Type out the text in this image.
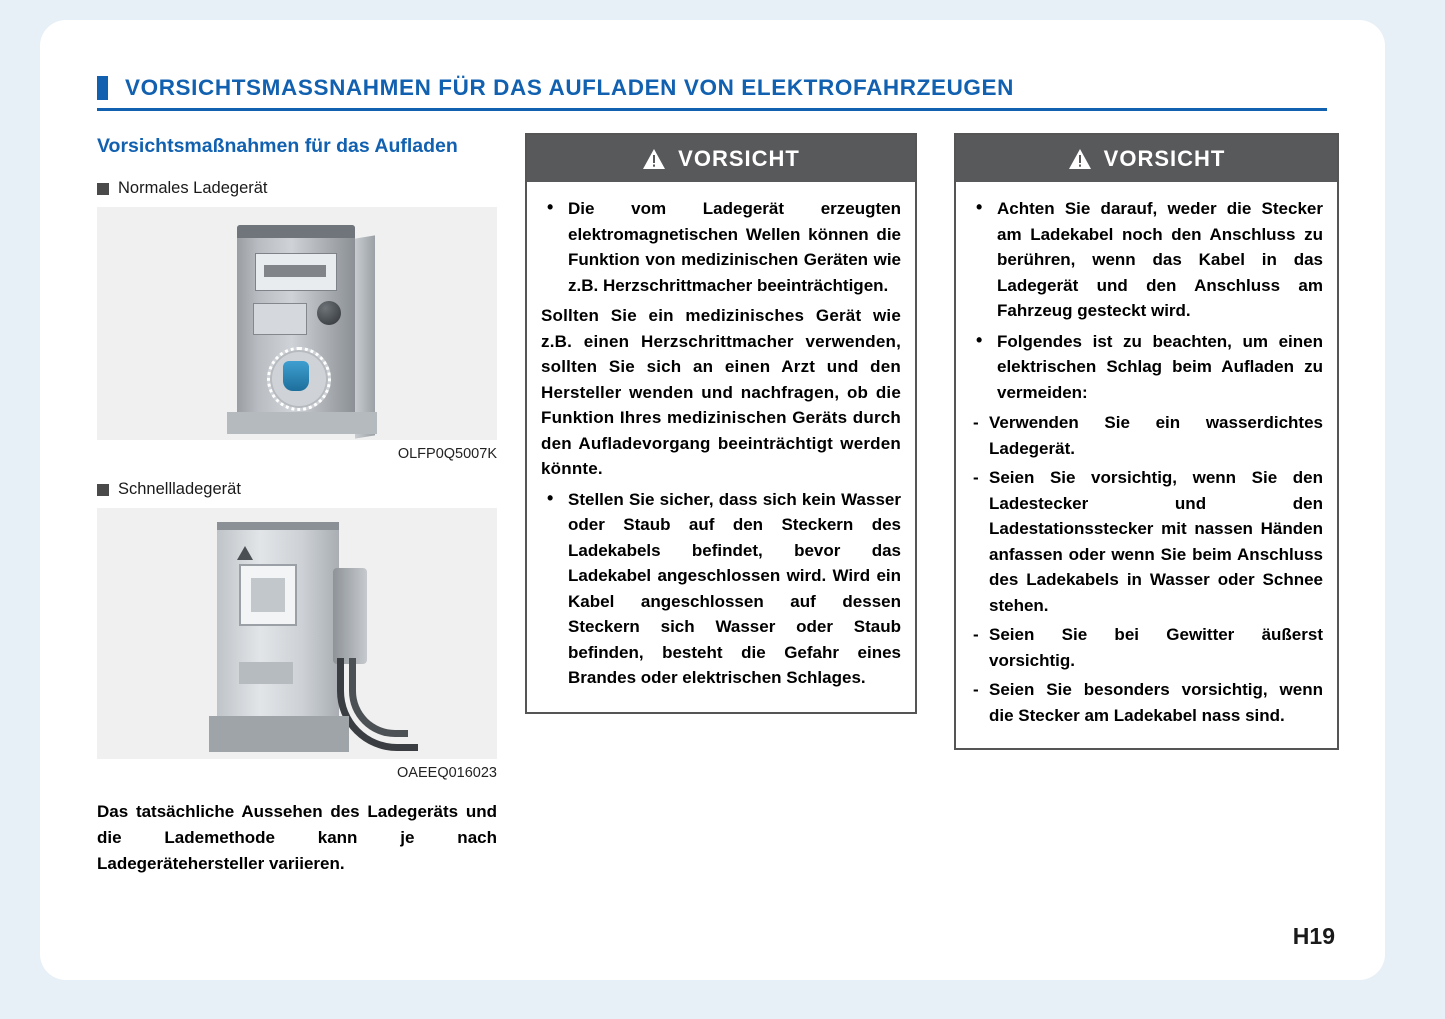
VORSICHTSMASSNAHMEN FÜR DAS AUFLADEN VON ELEKTROFAHRZEUGEN
Vorsichtsmaßnahmen für das Aufladen
Normales Ladegerät
OLFP0Q5007K
Schnellladegerät
OAEEQ016023
Das tatsächliche Aussehen des Ladegeräts und die Lademethode kann je nach Ladegerätehersteller variieren.
VORSICHT
• Die vom Ladegerät erzeugten elektromagnetischen Wellen können die Funktion von medizinischen Geräten wie z.B. Herzschrittmacher beeinträchtigen.

Sollten Sie ein medizinisches Gerät wie z.B. einen Herzschrittmacher verwenden, sollten Sie sich an einen Arzt und den Hersteller wenden und nachfragen, ob die Funktion Ihres medizinischen Geräts durch den Aufladevorgang beeinträchtigt werden könnte.

• Stellen Sie sicher, dass sich kein Wasser oder Staub auf den Steckern des Ladekabels befindet, bevor das Ladekabel angeschlossen wird. Wird ein Kabel angeschlossen auf dessen Steckern sich Wasser oder Staub befinden, besteht die Gefahr eines Brandes oder elektrischen Schlages.
VORSICHT
• Achten Sie darauf, weder die Stecker am Ladekabel noch den Anschluss zu berühren, wenn das Kabel in das Ladegerät und den Anschluss am Fahrzeug gesteckt wird.
• Folgendes ist zu beachten, um einen elektrischen Schlag beim Aufladen zu vermeiden:
- Verwenden Sie ein wasserdichtes Ladegerät.
- Seien Sie vorsichtig, wenn Sie den Ladestecker und den Ladestationsstecker mit nassen Händen anfassen oder wenn Sie beim Anschluss des Ladekabels in Wasser oder Schnee stehen.
- Seien Sie bei Gewitter äußerst vorsichtig.
- Seien Sie besonders vorsichtig, wenn die Stecker am Ladekabel nass sind.
H19
